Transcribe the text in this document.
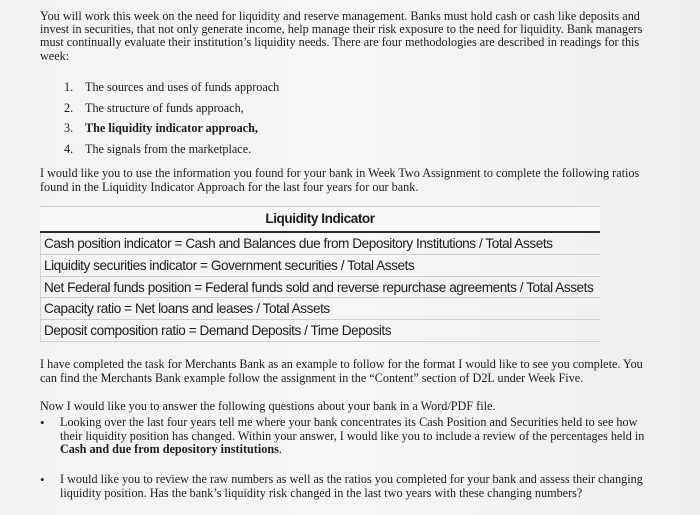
You will work this week on the need for liquidity and reserve management. Banks must hold cash or cash like deposits and invest in securities, that not only generate income, help manage their risk exposure to the need for liquidity. Bank managers must continually evaluate their institution’s liquidity needs. There are four methodologies are described in readings for this week:

1. The sources and uses of funds approach
2. The structure of funds approach,
3. The liquidity indicator approach,
4. The signals from the marketplace.

I would like you to use the information you found for your bank in Week Two Assignment to complete the following ratios found in the Liquidity Indicator Approach for the last four years for our bank.

Liquidity Indicator
Cash position indicator = Cash and Balances due from Depository Institutions / Total Assets
Liquidity securities indicator = Government securities / Total Assets
Net Federal funds position = Federal funds sold and reverse repurchase agreements / Total Assets
Capacity ratio = Net loans and leases / Total Assets
Deposit composition ratio = Demand Deposits / Time Deposits

I have completed the task for Merchants Bank as an example to follow for the format I would like to see you complete. You can find the Merchants Bank example follow the assignment in the “Content” section of D2L under Week Five.

Now I would like you to answer the following questions about your bank in a Word/PDF file.

•	Looking over the last four years tell me where your bank concentrates its Cash Position and Securities held to see how their liquidity position has changed. Within your answer, I would like you to include a review of the percentages held in Cash and due from depository institutions.
•	I would like you to review the raw numbers as well as the ratios you completed for your bank and assess their changing liquidity position. Has the bank’s liquidity risk changed in the last two years with these changing numbers?
